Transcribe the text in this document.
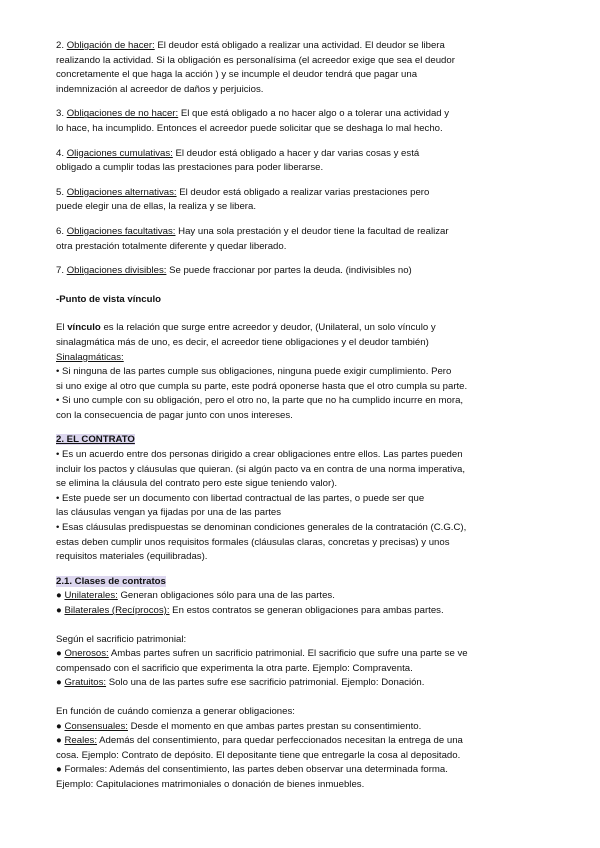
2. Obligación de hacer: El deudor está obligado a realizar una actividad. El deudor se libera
realizando la actividad. Si la obligación es personalísima (el acreedor exige que sea el deudor
concretamente el que haga la acción ) y se incumple el deudor tendrá que pagar una
indemnización al acreedor de daños y perjuicios.
3. Obligaciones de no hacer: El que está obligado a no hacer algo o a tolerar una actividad y
lo hace, ha incumplido. Entonces el acreedor puede solicitar que se deshaga lo mal hecho.
4. Oligaciones cumulativas: El deudor está obligado a hacer y dar varias cosas y está
obligado a cumplir todas las prestaciones para poder liberarse.
5. Obligaciones alternativas: El deudor está obligado a realizar varias prestaciones pero
puede elegir una de ellas, la realiza y se libera.
6. Obligaciones facultativas: Hay una sola prestación y el deudor tiene la facultad de realizar
otra prestación totalmente diferente y quedar liberado.
7. Obligaciones divisibles: Se puede fraccionar por partes la deuda. (indivisibles no)
-Punto de vista vínculo
El vínculo es la relación que surge entre acreedor y deudor, (Unilateral, un solo vínculo y
sinalagmática más de uno, es decir, el acreedor tiene obligaciones y el deudor también)
Sinalagmáticas:
• Si ninguna de las partes cumple sus obligaciones, ninguna puede exigir cumplimiento. Pero
si uno exige al otro que cumpla su parte, este podrá oponerse hasta que el otro cumpla su parte.
• Si uno cumple con su obligación, pero el otro no, la parte que no ha cumplido incurre en mora,
con la consecuencia de pagar junto con unos intereses.
2. EL CONTRATO
• Es un acuerdo entre dos personas dirigido a crear obligaciones entre ellos. Las partes pueden
incluir los pactos y cláusulas que quieran. (si algún pacto va en contra de una norma imperativa,
se elimina la cláusula del contrato pero este sigue teniendo valor).
• Este puede ser un documento con libertad contractual de las partes, o puede ser que
las cláusulas vengan ya fijadas por una de las partes
• Esas cláusulas predispuestas se denominan condiciones generales de la contratación (C.G.C),
estas deben cumplir unos requisitos formales (cláusulas claras, concretas y precisas) y unos
requisitos materiales (equilibradas).
2.1. Clases de contratos
● Unilaterales: Generan obligaciones sólo para una de las partes.
● Bilaterales (Recíprocos): En estos contratos se generan obligaciones para ambas partes.
Según el sacrificio patrimonial:
● Onerosos: Ambas partes sufren un sacrificio patrimonial. El sacrificio que sufre una parte se ve
compensado con el sacrificio que experimenta la otra parte. Ejemplo: Compraventa.
● Gratuitos: Solo una de las partes sufre ese sacrificio patrimonial. Ejemplo: Donación.
En función de cuándo comienza a generar obligaciones:
● Consensuales: Desde el momento en que ambas partes prestan su consentimiento.
● Reales: Además del consentimiento, para quedar perfeccionados necesitan la entrega de una
cosa. Ejemplo: Contrato de depósito. El depositante tiene que entregarle la cosa al depositado.
● Formales: Además del consentimiento, las partes deben observar una determinada forma.
Ejemplo: Capitulaciones matrimoniales o donación de bienes inmuebles.
